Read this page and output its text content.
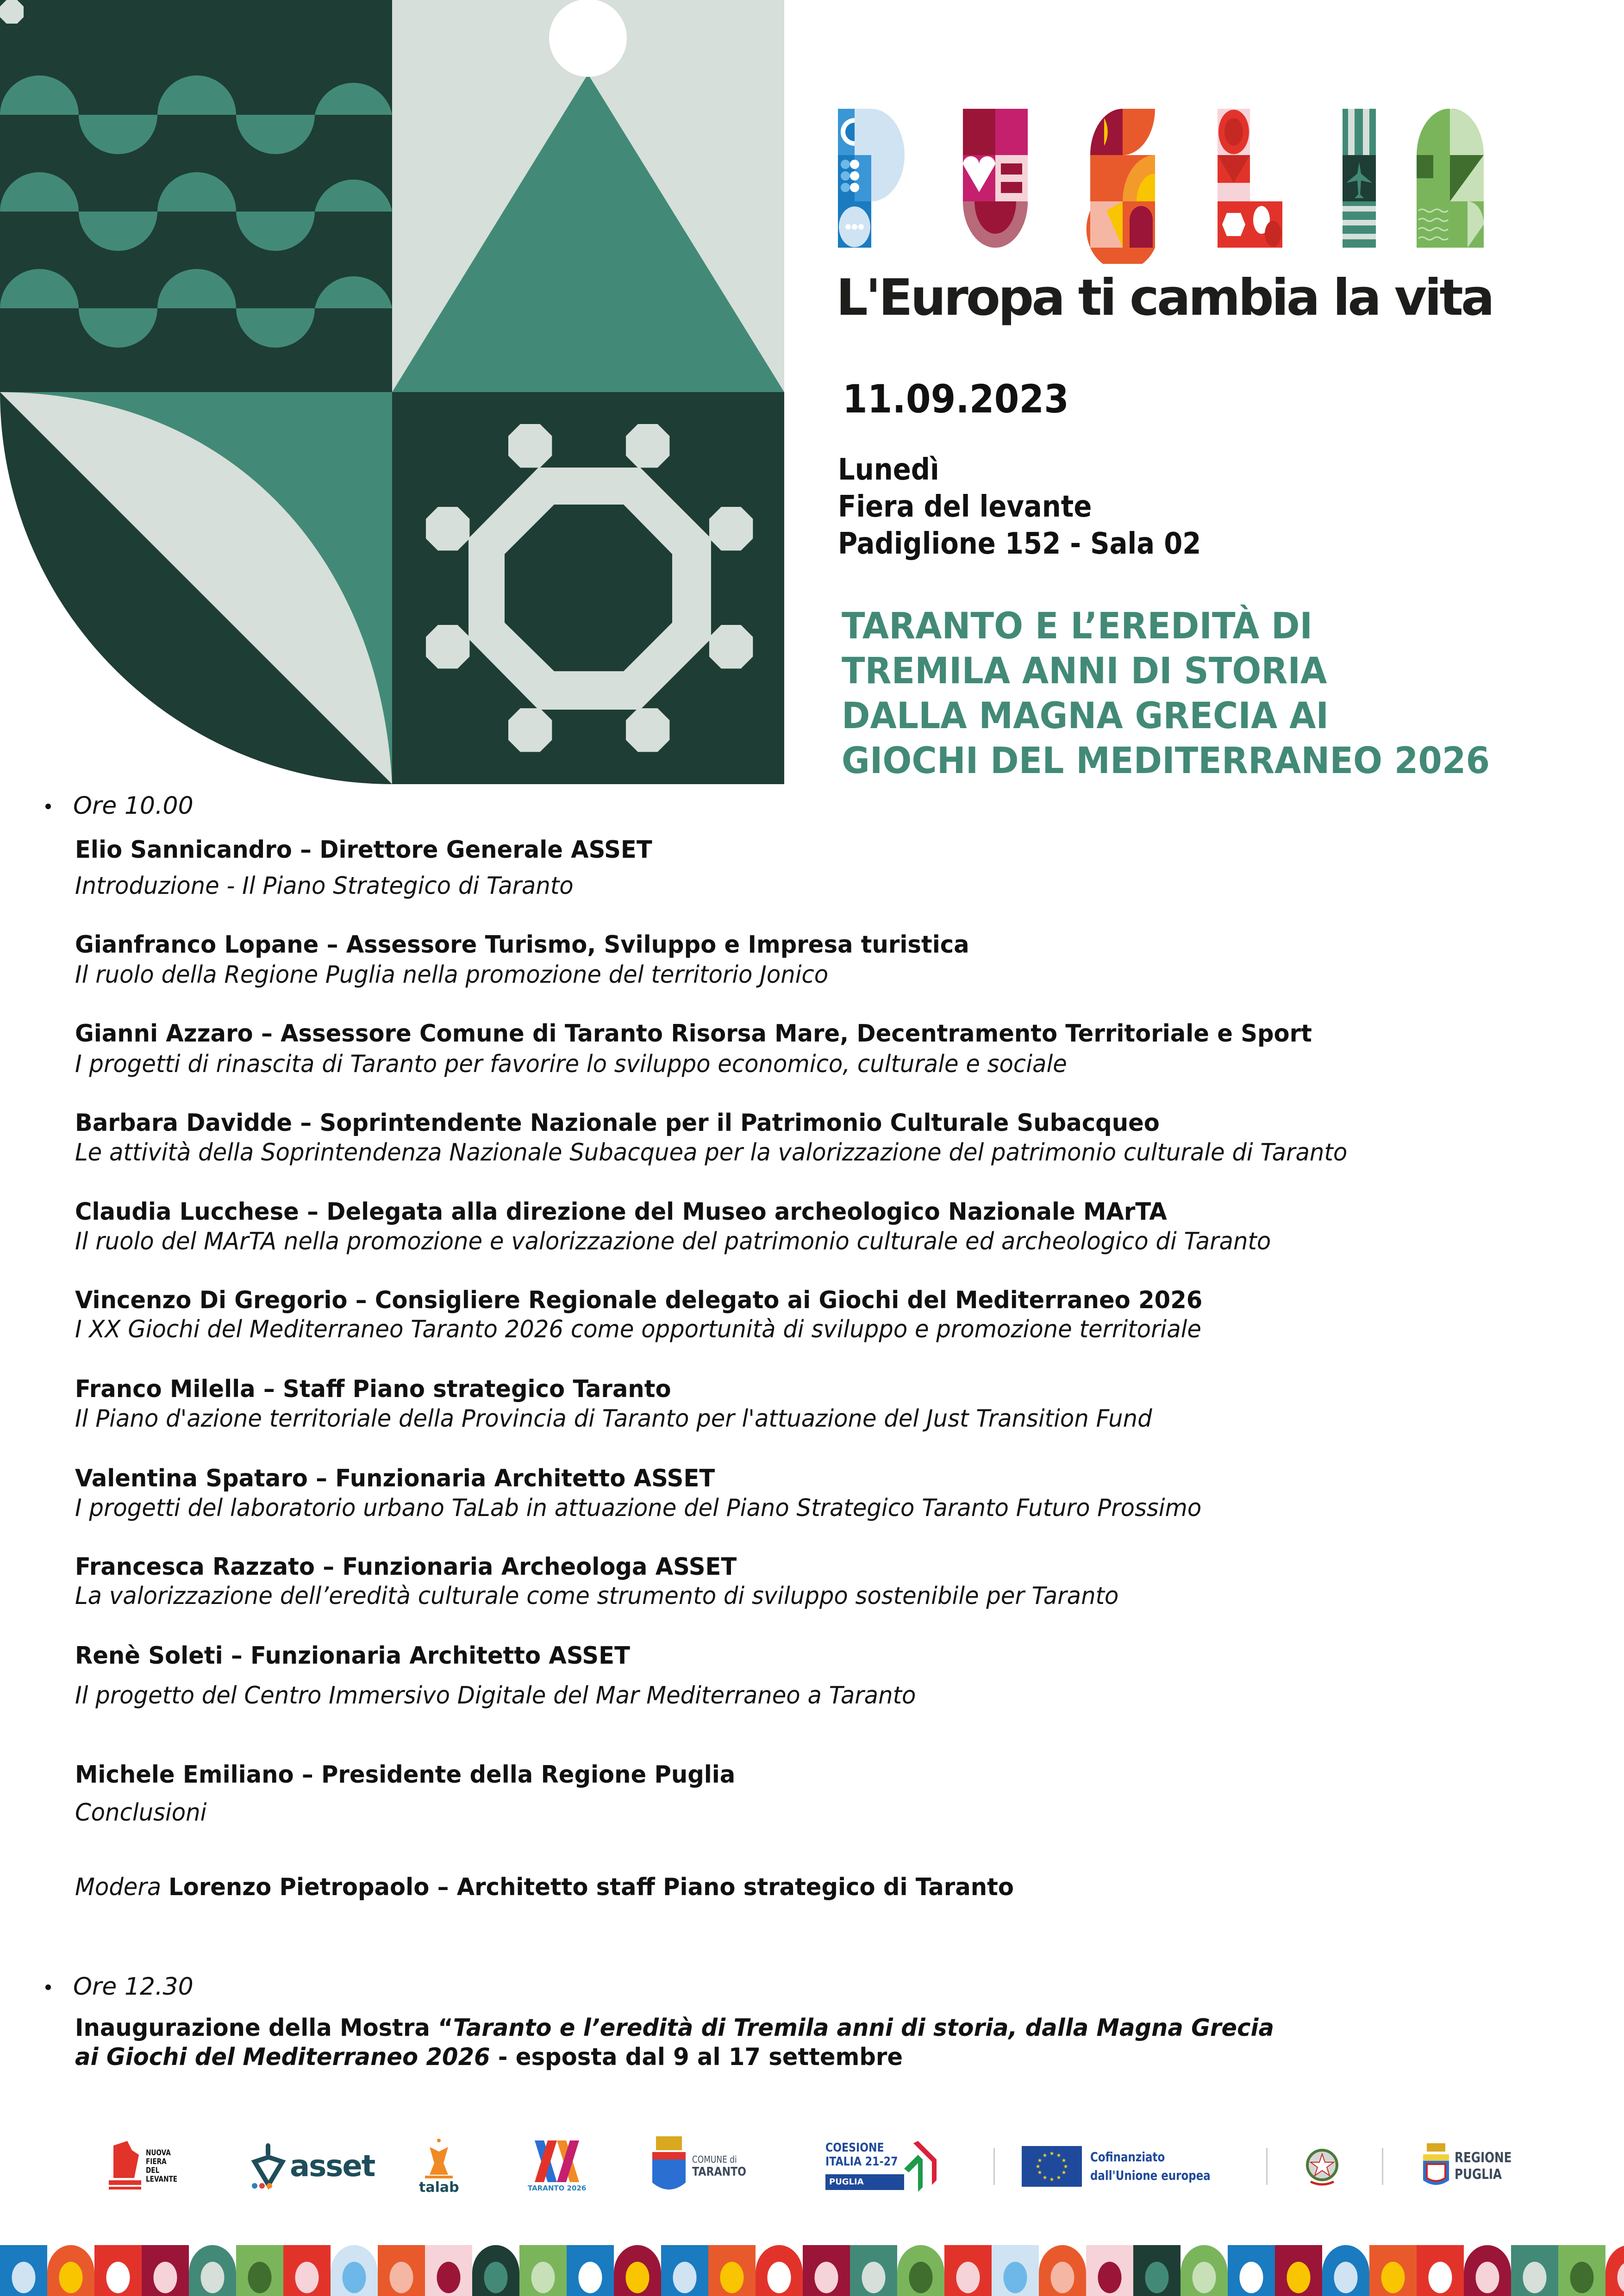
L'Europa ti cambia la vita
11.09.2023
Lunedì
Fiera del levante
Padiglione 152 - Sala 02
TARANTO E L’EREDITÀ DI
TREMILA ANNI DI STORIA
DALLA MAGNA GRECIA AI
GIOCHI DEL MEDITERRANEO 2026
Ore 10.00
Elio Sannicandro – Direttore Generale ASSET
Introduzione - Il Piano Strategico di Taranto
Gianfranco Lopane – Assessore Turismo, Sviluppo e Impresa turistica
Il ruolo della Regione Puglia nella promozione del territorio Jonico
Gianni Azzaro – Assessore Comune di Taranto Risorsa Mare, Decentramento Territoriale e Sport
I progetti di rinascita di Taranto per favorire lo sviluppo economico, culturale e sociale
Barbara Davidde – Soprintendente Nazionale per il Patrimonio Culturale Subacqueo
Le attività della Soprintendenza Nazionale Subacquea per la valorizzazione del patrimonio culturale di Taranto
Claudia Lucchese – Delegata alla direzione del Museo archeologico Nazionale MArTA
Il ruolo del MArTA nella promozione e valorizzazione del patrimonio culturale ed archeologico di Taranto
Vincenzo Di Gregorio – Consigliere Regionale delegato ai Giochi del Mediterraneo 2026
I XX Giochi del Mediterraneo Taranto 2026 come opportunità di sviluppo e promozione territoriale
Franco Milella – Staff Piano strategico Taranto
Il Piano d'azione territoriale della Provincia di Taranto per l'attuazione del Just Transition Fund
Valentina Spataro – Funzionaria Architetto ASSET
I progetti del laboratorio urbano TaLab in attuazione del Piano Strategico Taranto Futuro Prossimo
Francesca Razzato – Funzionaria Archeologa ASSET
La valorizzazione dell’eredità culturale come strumento di sviluppo sostenibile per Taranto
Renè Soleti – Funzionaria Architetto ASSET
Il progetto del Centro Immersivo Digitale del Mar Mediterraneo a Taranto
Michele Emiliano – Presidente della Regione Puglia
Conclusioni
Modera Lorenzo Pietropaolo – Architetto staff Piano strategico di Taranto
Ore 12.30
Inaugurazione della Mostra “Taranto e l’eredità di Tremila anni di storia, dalla Magna Grecia
ai Giochi del Mediterraneo 2026 - esposta dal 9 al 17 settembre
NUOVA FIERA DEL LEVANTE	asset
talab	TARANTO 2026
COMUNE di
TARANTO
COESIONE
ITALIA 21-27
PUGLIA
★ ★
★
★
★
★
★
★
★
★
★
★	Cofinanziato
dall'Unione europea
REGIONE
PUGLIA
